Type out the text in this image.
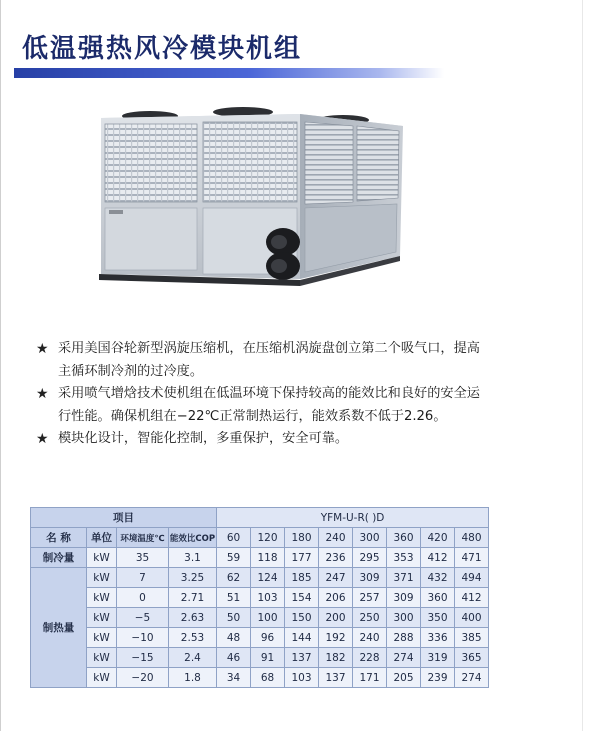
低温强热风冷模块机组
★ 采用美国谷轮新型涡旋压缩机，在压缩机涡旋盘创立第二个吸气口，提高主循环制冷剂的过冷度。
★ 采用喷气增焓技术使机组在低温环境下保持较高的能效比和良好的安全运行性能。确保机组在−22℃正常制热运行，能效系数不低于2.26。
★ 模块化设计，智能化控制，多重保护，安全可靠。
项目				YFM-U-R( )D							
名 称	单位	环境温度℃	能效比COP	60	120	180	240	300	360	420	480
制冷量	kW	35	3.1	59	118	177	236	295	353	412	471
制热量	kW	7	3.25	62	124	185	247	309	371	432	494
	kW	0	2.71	51	103	154	206	257	309	360	412
	kW	−5	2.63	50	100	150	200	250	300	350	400
	kW	−10	2.53	48	96	144	192	240	288	336	385
	kW	−15	2.4	46	91	137	182	228	274	319	365
	kW	−20	1.8	34	68	103	137	171	205	239	274
